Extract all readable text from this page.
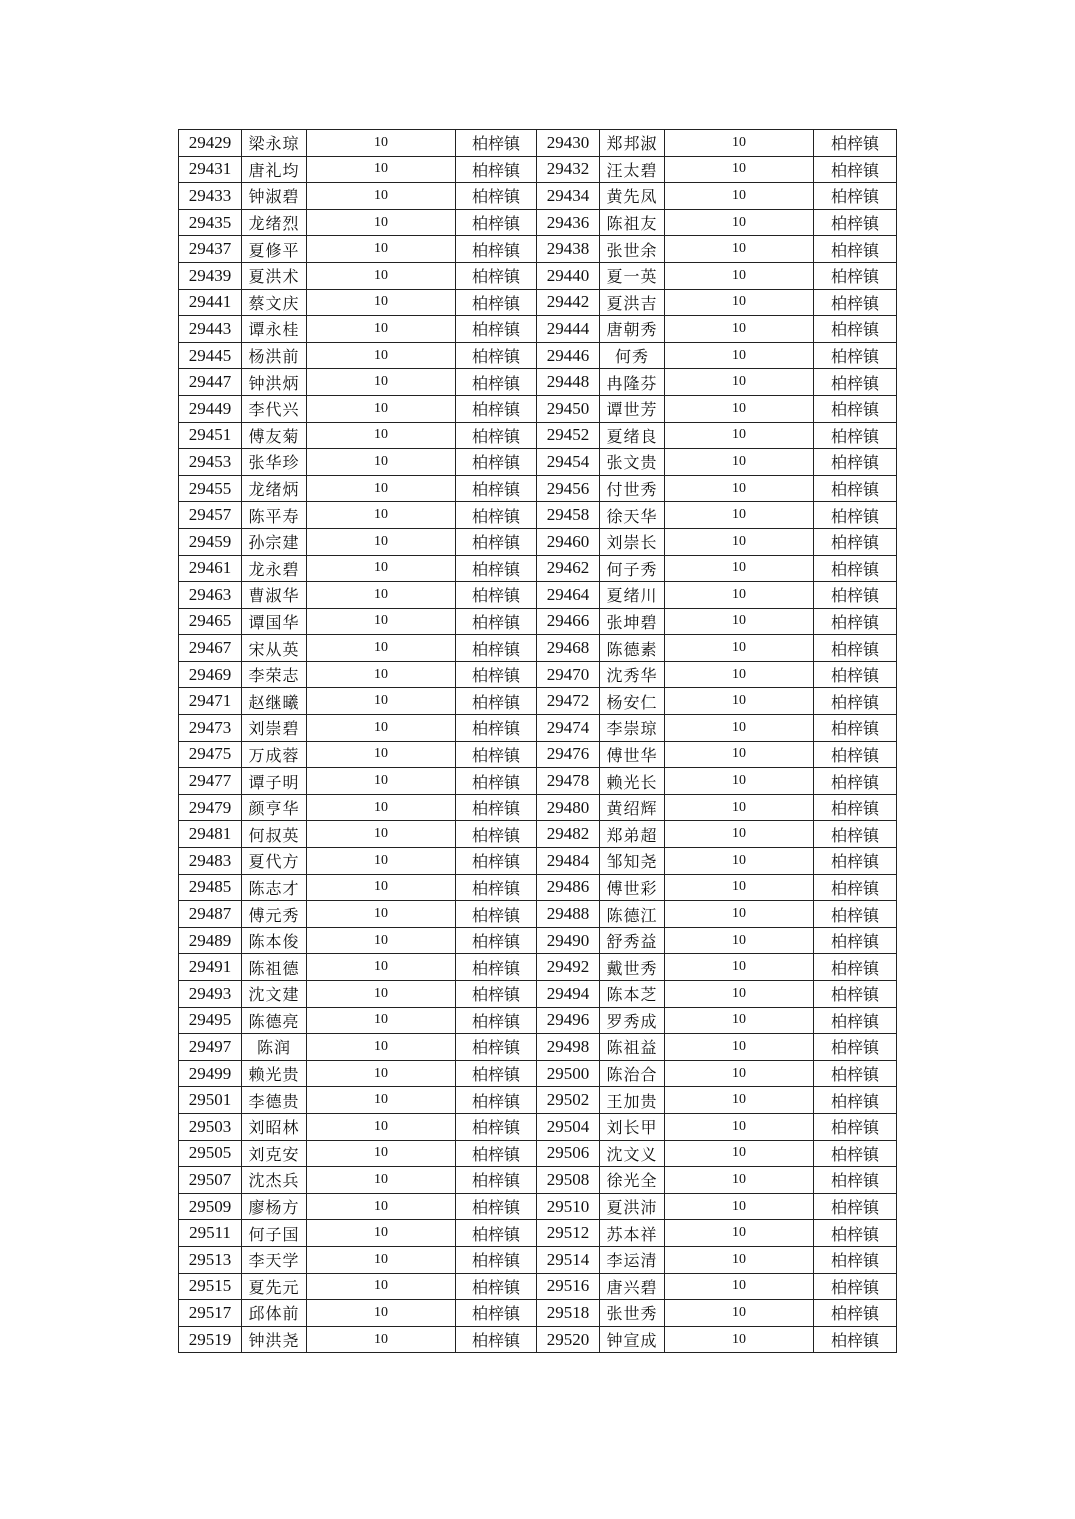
29429	梁永琼	10	柏梓镇	29430	郑邦淑	10	柏梓镇
29431	唐礼均	10	柏梓镇	29432	汪太碧	10	柏梓镇
29433	钟淑碧	10	柏梓镇	29434	黄先凤	10	柏梓镇
29435	龙绪烈	10	柏梓镇	29436	陈祖友	10	柏梓镇
29437	夏修平	10	柏梓镇	29438	张世余	10	柏梓镇
29439	夏洪术	10	柏梓镇	29440	夏一英	10	柏梓镇
29441	蔡文庆	10	柏梓镇	29442	夏洪吉	10	柏梓镇
29443	谭永桂	10	柏梓镇	29444	唐朝秀	10	柏梓镇
29445	杨洪前	10	柏梓镇	29446	何秀	10	柏梓镇
29447	钟洪炳	10	柏梓镇	29448	冉隆芬	10	柏梓镇
29449	李代兴	10	柏梓镇	29450	谭世芳	10	柏梓镇
29451	傅友菊	10	柏梓镇	29452	夏绪良	10	柏梓镇
29453	张华珍	10	柏梓镇	29454	张文贵	10	柏梓镇
29455	龙绪炳	10	柏梓镇	29456	付世秀	10	柏梓镇
29457	陈平寿	10	柏梓镇	29458	徐天华	10	柏梓镇
29459	孙宗建	10	柏梓镇	29460	刘崇长	10	柏梓镇
29461	龙永碧	10	柏梓镇	29462	何子秀	10	柏梓镇
29463	曹淑华	10	柏梓镇	29464	夏绪川	10	柏梓镇
29465	谭国华	10	柏梓镇	29466	张坤碧	10	柏梓镇
29467	宋从英	10	柏梓镇	29468	陈德素	10	柏梓镇
29469	李荣志	10	柏梓镇	29470	沈秀华	10	柏梓镇
29471	赵继曦	10	柏梓镇	29472	杨安仁	10	柏梓镇
29473	刘崇碧	10	柏梓镇	29474	李崇琼	10	柏梓镇
29475	万成蓉	10	柏梓镇	29476	傅世华	10	柏梓镇
29477	谭子明	10	柏梓镇	29478	赖光长	10	柏梓镇
29479	颜亨华	10	柏梓镇	29480	黄绍辉	10	柏梓镇
29481	何叔英	10	柏梓镇	29482	郑弟超	10	柏梓镇
29483	夏代方	10	柏梓镇	29484	邹知尧	10	柏梓镇
29485	陈志才	10	柏梓镇	29486	傅世彩	10	柏梓镇
29487	傅元秀	10	柏梓镇	29488	陈德江	10	柏梓镇
29489	陈本俊	10	柏梓镇	29490	舒秀益	10	柏梓镇
29491	陈祖德	10	柏梓镇	29492	戴世秀	10	柏梓镇
29493	沈文建	10	柏梓镇	29494	陈本芝	10	柏梓镇
29495	陈德亮	10	柏梓镇	29496	罗秀成	10	柏梓镇
29497	陈润	10	柏梓镇	29498	陈祖益	10	柏梓镇
29499	赖光贵	10	柏梓镇	29500	陈治合	10	柏梓镇
29501	李德贵	10	柏梓镇	29502	王加贵	10	柏梓镇
29503	刘昭林	10	柏梓镇	29504	刘长甲	10	柏梓镇
29505	刘克安	10	柏梓镇	29506	沈文义	10	柏梓镇
29507	沈杰兵	10	柏梓镇	29508	徐光全	10	柏梓镇
29509	廖杨方	10	柏梓镇	29510	夏洪沛	10	柏梓镇
29511	何子国	10	柏梓镇	29512	苏本祥	10	柏梓镇
29513	李天学	10	柏梓镇	29514	李运清	10	柏梓镇
29515	夏先元	10	柏梓镇	29516	唐兴碧	10	柏梓镇
29517	邱体前	10	柏梓镇	29518	张世秀	10	柏梓镇
29519	钟洪尧	10	柏梓镇	29520	钟宣成	10	柏梓镇
